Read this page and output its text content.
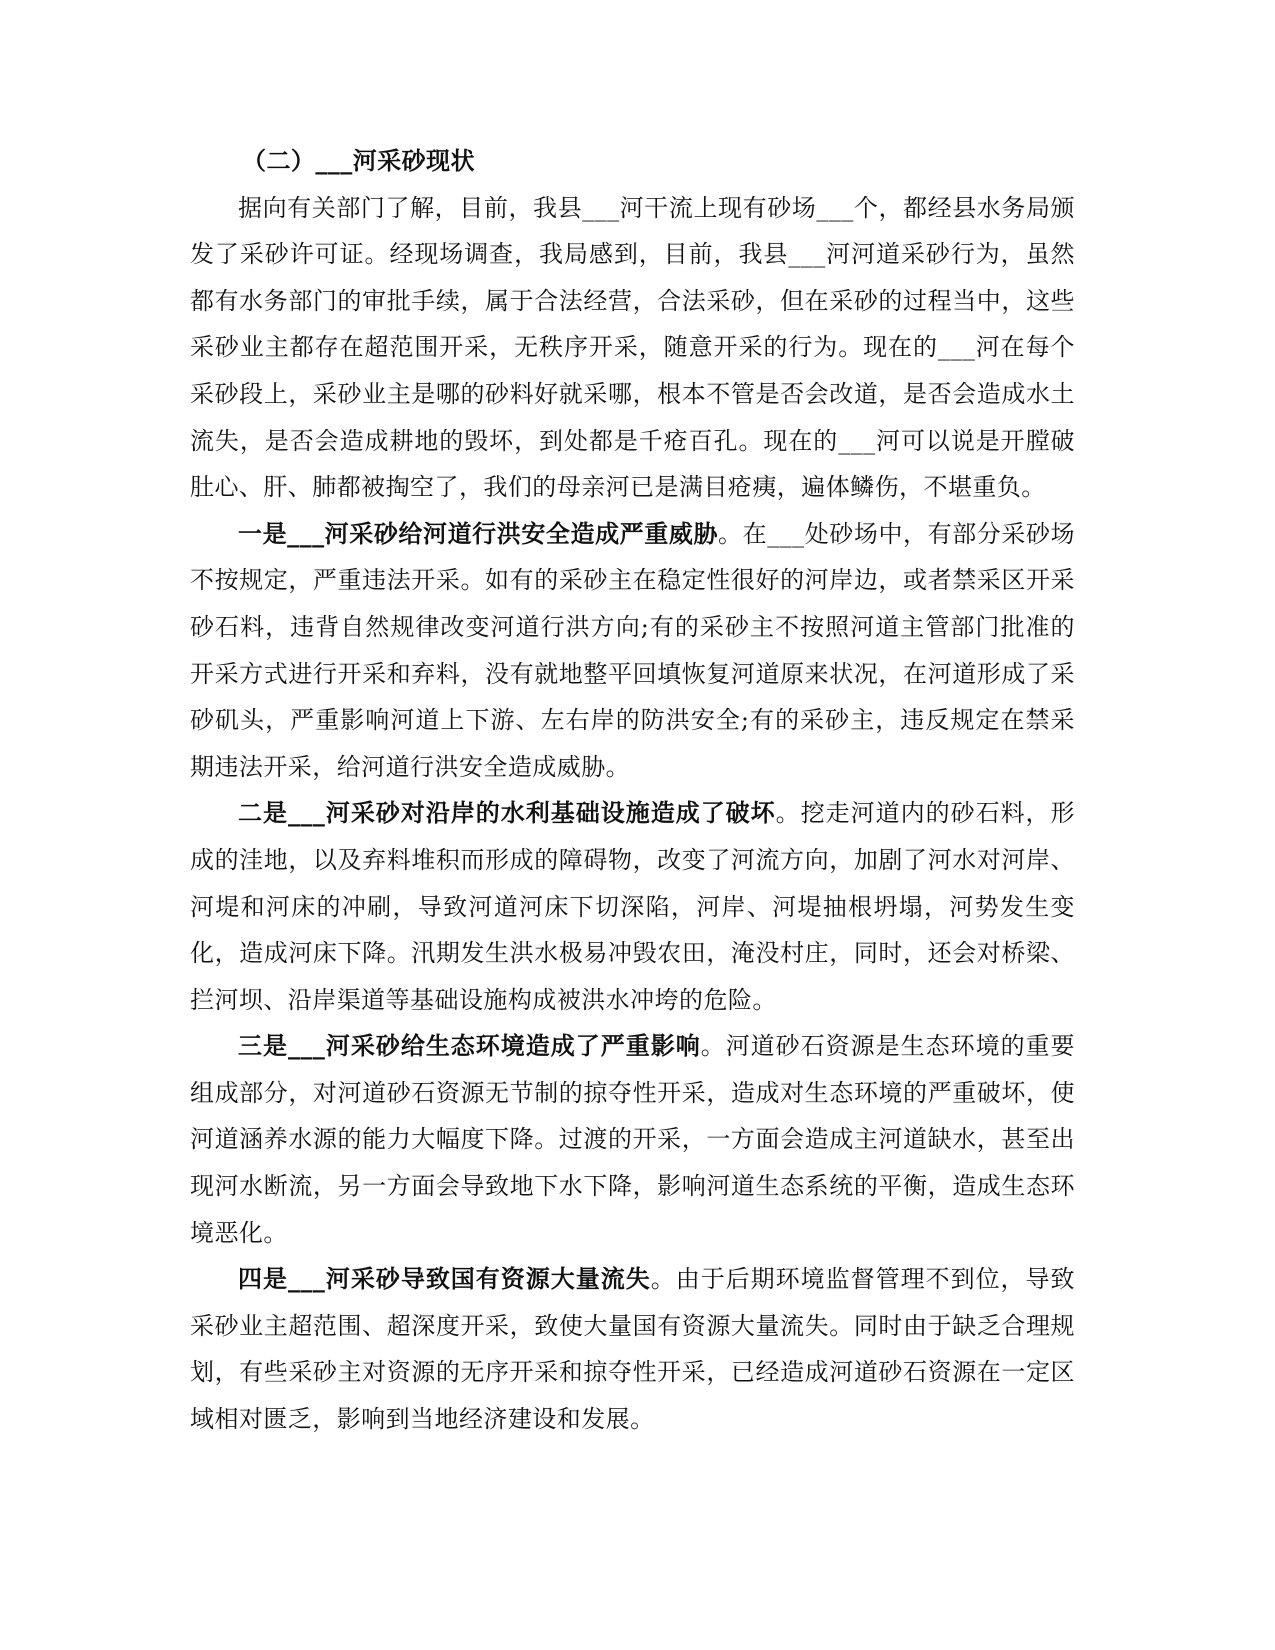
（二）___河采砂现状

据向有关部门了解，目前，我县___河干流上现有砂场___个，都经县水务局颁发了采砂许可证。经现场调查，我局感到，目前，我县___河河道采砂行为，虽然都有水务部门的审批手续，属于合法经营，合法采砂，但在采砂的过程当中，这些采砂业主都存在超范围开采，无秩序开采，随意开采的行为。现在的___河在每个采砂段上，采砂业主是哪的砂料好就采哪，根本不管是否会改道，是否会造成水土流失，是否会造成耕地的毁坏，到处都是千疮百孔。现在的___河可以说是开膛破肚心、肝、肺都被掏空了，我们的母亲河已是满目疮痍，遍体鳞伤，不堪重负。

一是___河采砂给河道行洪安全造成严重威胁。在___处砂场中，有部分采砂场不按规定，严重违法开采。如有的采砂主在稳定性很好的河岸边，或者禁采区开采砂石料，违背自然规律改变河道行洪方向;有的采砂主不按照河道主管部门批准的开采方式进行开采和弃料，没有就地整平回填恢复河道原来状况，在河道形成了采砂矶头，严重影响河道上下游、左右岸的防洪安全;有的采砂主，违反规定在禁采期违法开采，给河道行洪安全造成威胁。

二是___河采砂对沿岸的水利基础设施造成了破坏。挖走河道内的砂石料，形成的洼地，以及弃料堆积而形成的障碍物，改变了河流方向，加剧了河水对河岸、河堤和河床的冲刷，导致河道河床下切深陷，河岸、河堤抽根坍塌，河势发生变化，造成河床下降。汛期发生洪水极易冲毁农田，淹没村庄，同时，还会对桥梁、拦河坝、沿岸渠道等基础设施构成被洪水冲垮的危险。

三是___河采砂给生态环境造成了严重影响。河道砂石资源是生态环境的重要组成部分，对河道砂石资源无节制的掠夺性开采，造成对生态环境的严重破坏，使河道涵养水源的能力大幅度下降。过渡的开采，一方面会造成主河道缺水，甚至出现河水断流，另一方面会导致地下水下降，影响河道生态系统的平衡，造成生态环境恶化。

四是___河采砂导致国有资源大量流失。由于后期环境监督管理不到位，导致采砂业主超范围、超深度开采，致使大量国有资源大量流失。同时由于缺乏合理规划，有些采砂主对资源的无序开采和掠夺性开采，已经造成河道砂石资源在一定区域相对匮乏，影响到当地经济建设和发展。
